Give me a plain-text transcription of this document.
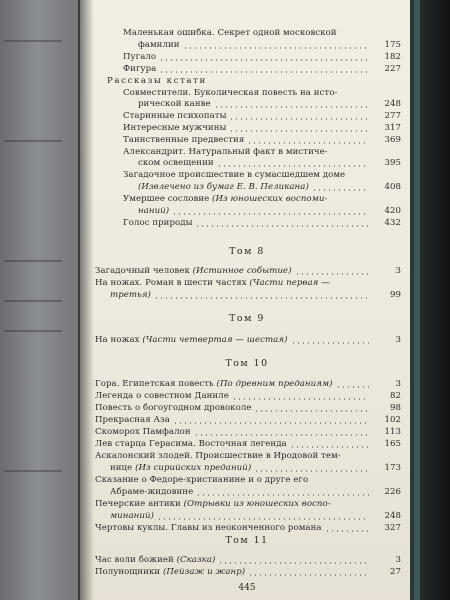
Рассказы кстати
Том 8
Том 9
Том 10
Том 11
Маленькая ошибка. Секрет одной московской
фамилии	175
Пугало	182
Фигура	227
Совместители. Буколическая повесть на исто-
рической канве	248
Старинные психопаты	277
Интересные мужчины	317
Таинственные предвестия	369
Александрит. Натуральный факт в мистиче-
ском освещении	395
Загадочное происшествие в сумасшедшем доме
(Извлечено из бумаг Е. В. Пеликана)	408
Умершее сословие (Из юношеских воспоми-
наний)	420
Голос природы	432
Загадочный человек (Истинное событие)	3
На ножах. Роман в шести частях (Части первая —
третья)	99
На ножах (Части четвертая — шестая)	3
Гора. Египетская повесть (По древним преданиям)	3
Легенда о совестном Даниле	82
Повесть о богоугодном дровоколе	98
Прекрасная Аза	102
Скоморох Памфалон	113
Лев старца Герасима. Восточная легенда	165
Аскалонский злодей. Происшествие в Иродовой тем-
нице (Из сирийских преданий)	173
Сказание о Федоре-христианине и о друге его
Абраме-жидовине	226
Печерские антики (Отрывки из юношеских воспо-
минаний)	248
Чертовы куклы. Главы из неоконченного романа	327
Час воли божией (Сказка)	3
Полунощники (Пейзаж и жанр)	27
445
